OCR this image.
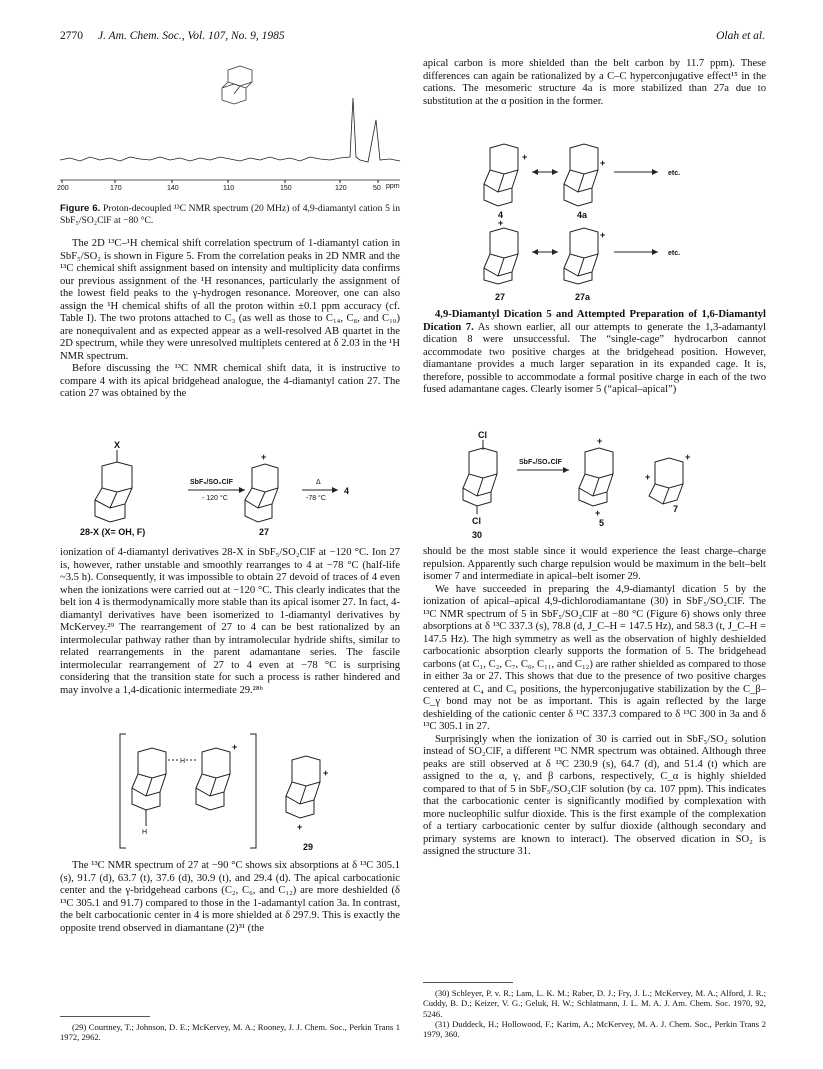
2770 J. Am. Chem. Soc., Vol. 107, No. 9, 1985	Olah et al.
200	170	140	110	150	120	50 ppm
Figure 6. Proton-decoupled ¹³C NMR spectrum (20 MHz) of 4,9-diamantyl cation 5 in SbF₅/SO₂ClF at −80 °C.

The 2D ¹³C–¹H chemical shift correlation spectrum of 1-diamantyl cation in SbF₅/SO₂ is shown in Figure 5. From the correlation peaks in 2D NMR and the ¹³C chemical shift assignment based on intensity and multiplicity data confirms our previous assignment of the ¹H resonances, particularly the assignment of the lowest field peaks to the γ-hydrogen resonance. Moreover, one can also assign the ¹H chemical shifts of all the proton within ±0.1 ppm accuracy (cf. Table I). The two protons attached to C₃ (as well as those to C₁₄, C₈, and C₁₀) are nonequivalent and as expected appear as a well-resolved AB quartet in the 2D spectrum, while they were unresolved multiplets centered at δ 2.03 in the ¹H NMR spectrum.

Before discussing the ¹³C NMR chemical shift data, it is instructive to compare 4 with its apical bridgehead analogue, the 4-diamantyl cation 27. The cation 27 was obtained by the

X
SbF₅/SO₂ClF
- 120 °C
+
Δ
-78 °C
4
28-X (X= OH, F)	27

ionization of 4-diamantyl derivatives 28-X in SbF₅/SO₂ClF at −120 °C. Ion 27 is, however, rather unstable and smoothly rearranges to 4 at −78 °C (half-life ~3.5 h). Consequently, it was impossible to obtain 27 devoid of traces of 4 even when the ionizations were carried out at −120 °C. This clearly indicates that the belt ion 4 is thermodynamically more stable than its apical isomer 27. In fact, 4-diamantyl derivatives have been isomerized to 1-diamantyl derivatives by McKervey.²⁹ The rearrangement of 27 to 4 can be best rationalized by an intermolecular pathway rather than by intramolecular hydride shifts, similar to related rearrangements in the parent adamantane series. The fascile intermolecular rearrangement of 27 to 4 even at −78 °C is surprising considering that the transition state for such a process is rather hindered and may involve a 1,4-dicationic intermediate 29.²⁸ᵇ

H
H
+
+
+
29

The ¹³C NMR spectrum of 27 at −90 °C shows six absorptions at δ ¹³C 305.1 (s), 91.7 (d), 63.7 (t), 37.6 (d), 30.9 (t), and 29.4 (d). The apical carbocationic center and the γ-bridgehead carbons (C₂, C₆, and C₁₂) are more deshielded (δ ¹³C 305.1 and 91.7) compared to those in the 1-adamantyl cation 3a. In contrast, the belt carbocationic center in 4 is more shielded at δ 297.9. This is exactly the opposite trend observed in diamantane (2)³¹ (the

(29) Courtney, T.; Johnson, D. E.; McKervey, M. A.; Rooney, J. J. Chem. Soc., Perkin Trans 1 1972, 2962.

apical carbon is more shielded than the belt carbon by 11.7 ppm). These differences can again be rationalized by a C–C hyperconjugative effect¹⁵ in the cations. The mesomeric structure 4a is more stabilized than 27a due to substitution at the α position in the former.

etc.
etc.
+
+
+
+
4	4a
27	27a

4,9-Diamantyl Dication 5 and Attempted Preparation of 1,6-Diamantyl Dication 7. As shown earlier, all our attempts to generate the 1,3-adamantyl dication 8 were unsuccessful. The “single-cage” hydrocarbon cannot accommodate two positive charges at the bridgehead position. However, diamantane provides a much larger separation in its expanded cage. It is, therefore, possible to accommodate a formal positive charge in each of the two fused adamantane cages. Clearly isomer 5 (“apical–apical”)

Cl
SbF₅/SO₂ClF
+
+
+
+
Cl	5
7
30

should be the most stable since it would experience the least charge–charge repulsion. Apparently such charge repulsion would be maximum in the belt–belt isomer 7 and intermediate in apical–belt isomer 29.

We have succeeded in preparing the 4,9-diamantyl dication 5 by the ionization of apical–apical 4,9-dichlorodiamantane (30) in SbF₅/SO₂ClF. The ¹³C NMR spectrum of 5 in SbF₅/SO₂ClF at −80 °C (Figure 6) shows only three absorptions at δ ¹³C 337.3 (s), 78.8 (d, J_C–H = 147.5 Hz), and 58.3 (t, J_C–H = 147.5 Hz). The high symmetry as well as the observation of highly deshielded carbocationic absorption clearly supports the formation of 5. The bridgehead carbons (at C₁, C₂, C₇, C₆, C₁₁, and C₁₂) are rather shielded as compared to those in either 3a or 27. This shows that due to the presence of two positive charges centered at C₄ and C₉ positions, the hyperconjugative stabilization by the C_β–C_γ bond may not be as important. This is again reflected by the large deshielding of the cationic center δ ¹³C 337.3 compared to δ ¹³C 300 in 3a and δ ¹³C 305.1 in 27.

Surprisingly when the ionization of 30 is carried out in SbF₅/SO₂ solution instead of SO₂ClF, a different ¹³C NMR spectrum was obtained. Although three peaks are still observed at δ ¹³C 230.9 (s), 64.7 (d), and 51.4 (t) which are assigned to the α, γ, and β carbons, respectively, C_α is highly shielded compared to that of 5 in SbF₅/SO₂ClF solution (by ca. 107 ppm). This indicates that the carbocationic center is significantly modified by complexation with more nucleophilic sulfur dioxide. This is the first example of the complexation of a tertiary carbocationic center by sulfur dioxide (although secondary and primary systems are known to interact). The observed dication in SO₂ is assigned the structure 31.

(30) Schleyer, P. v. R.; Lam, L. K. M.; Raber, D. J.; Fry, J. L.; McKervey, M. A.; Alford, J. R.; Cuddy, B. D.; Keizer, V. G.; Geluk, H. W.; Schlatmann, J. L. M. A. J. Am. Chem. Soc. 1970, 92, 5246.

(31) Duddeck, H.; Hollowood, F.; Karim, A.; McKervey, M. A. J. Chem. Soc., Perkin Trans 2 1979, 360.
